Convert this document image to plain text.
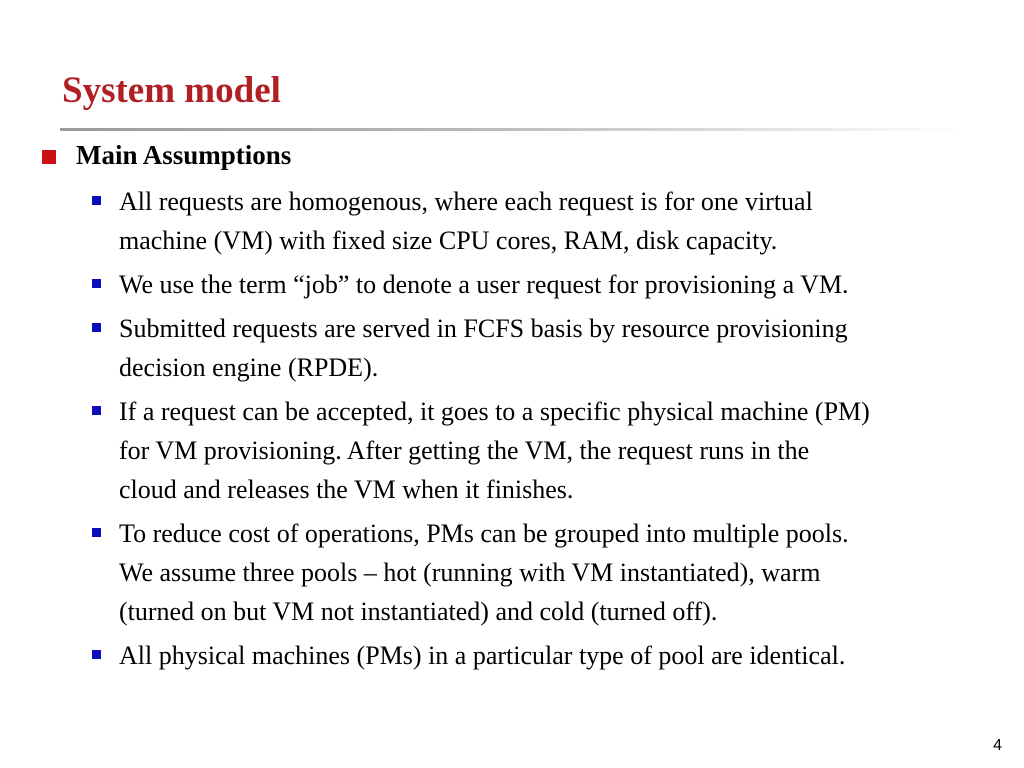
System model
Main Assumptions
All requests are homogenous, where each request is for one virtual
machine (VM) with fixed size CPU cores, RAM, disk capacity.
We use the term “job” to denote a user request for provisioning a VM.
Submitted requests are served in FCFS basis by resource provisioning
decision engine (RPDE).
If a request can be accepted, it goes to a specific physical machine (PM)
for VM provisioning. After getting the VM, the request runs in the
cloud and releases the VM when it finishes.
To reduce cost of operations, PMs can be grouped into multiple pools.
We assume three pools – hot (running with VM instantiated), warm
(turned on but VM not instantiated) and cold (turned off).
All physical machines (PMs) in a particular type of pool are identical.
4
